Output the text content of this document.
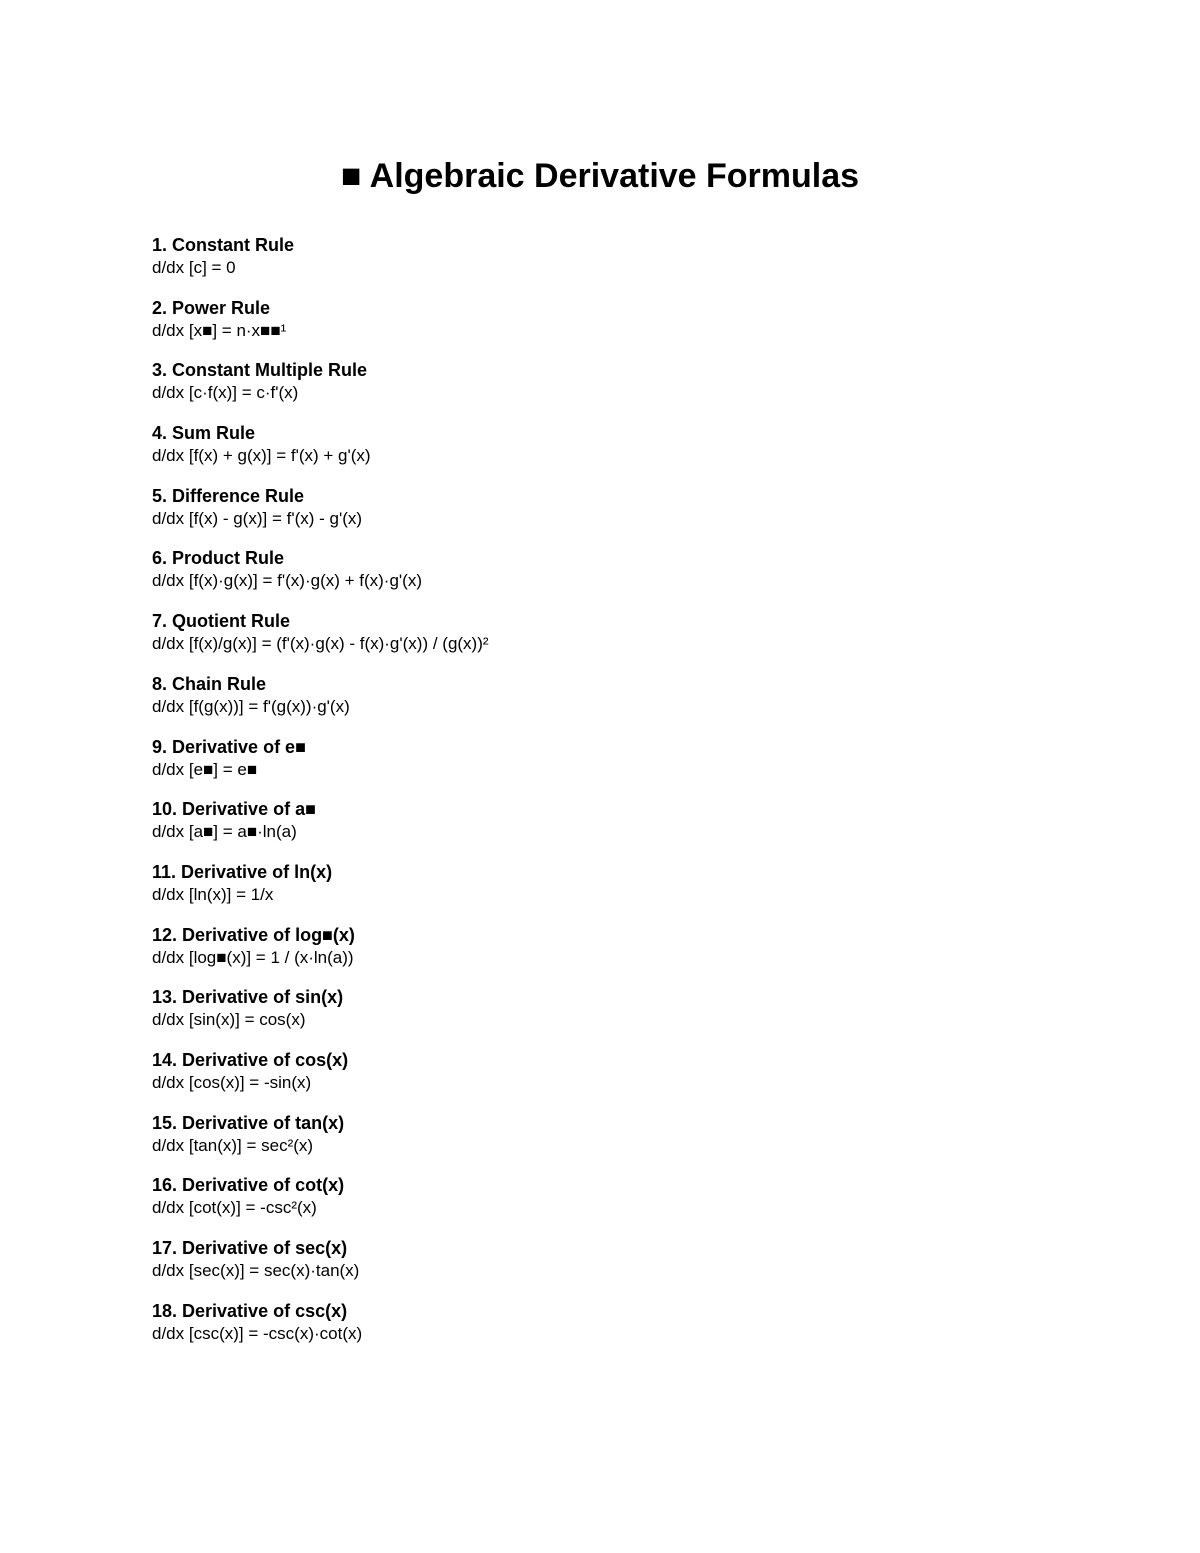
■ Algebraic Derivative Formulas
1. Constant Rule
d/dx [c] = 0
2. Power Rule
d/dx [x■] = n·x■■¹
3. Constant Multiple Rule
d/dx [c·f(x)] = c·f'(x)
4. Sum Rule
d/dx [f(x) + g(x)] = f'(x) + g'(x)
5. Difference Rule
d/dx [f(x) - g(x)] = f'(x) - g'(x)
6. Product Rule
d/dx [f(x)·g(x)] = f'(x)·g(x) + f(x)·g'(x)
7. Quotient Rule
d/dx [f(x)/g(x)] = (f'(x)·g(x) - f(x)·g'(x)) / (g(x))²
8. Chain Rule
d/dx [f(g(x))] = f'(g(x))·g'(x)
9. Derivative of e■
d/dx [e■] = e■
10. Derivative of a■
d/dx [a■] = a■·ln(a)
11. Derivative of ln(x)
d/dx [ln(x)] = 1/x
12. Derivative of log■(x)
d/dx [log■(x)] = 1 / (x·ln(a))
13. Derivative of sin(x)
d/dx [sin(x)] = cos(x)
14. Derivative of cos(x)
d/dx [cos(x)] = -sin(x)
15. Derivative of tan(x)
d/dx [tan(x)] = sec²(x)
16. Derivative of cot(x)
d/dx [cot(x)] = -csc²(x)
17. Derivative of sec(x)
d/dx [sec(x)] = sec(x)·tan(x)
18. Derivative of csc(x)
d/dx [csc(x)] = -csc(x)·cot(x)
